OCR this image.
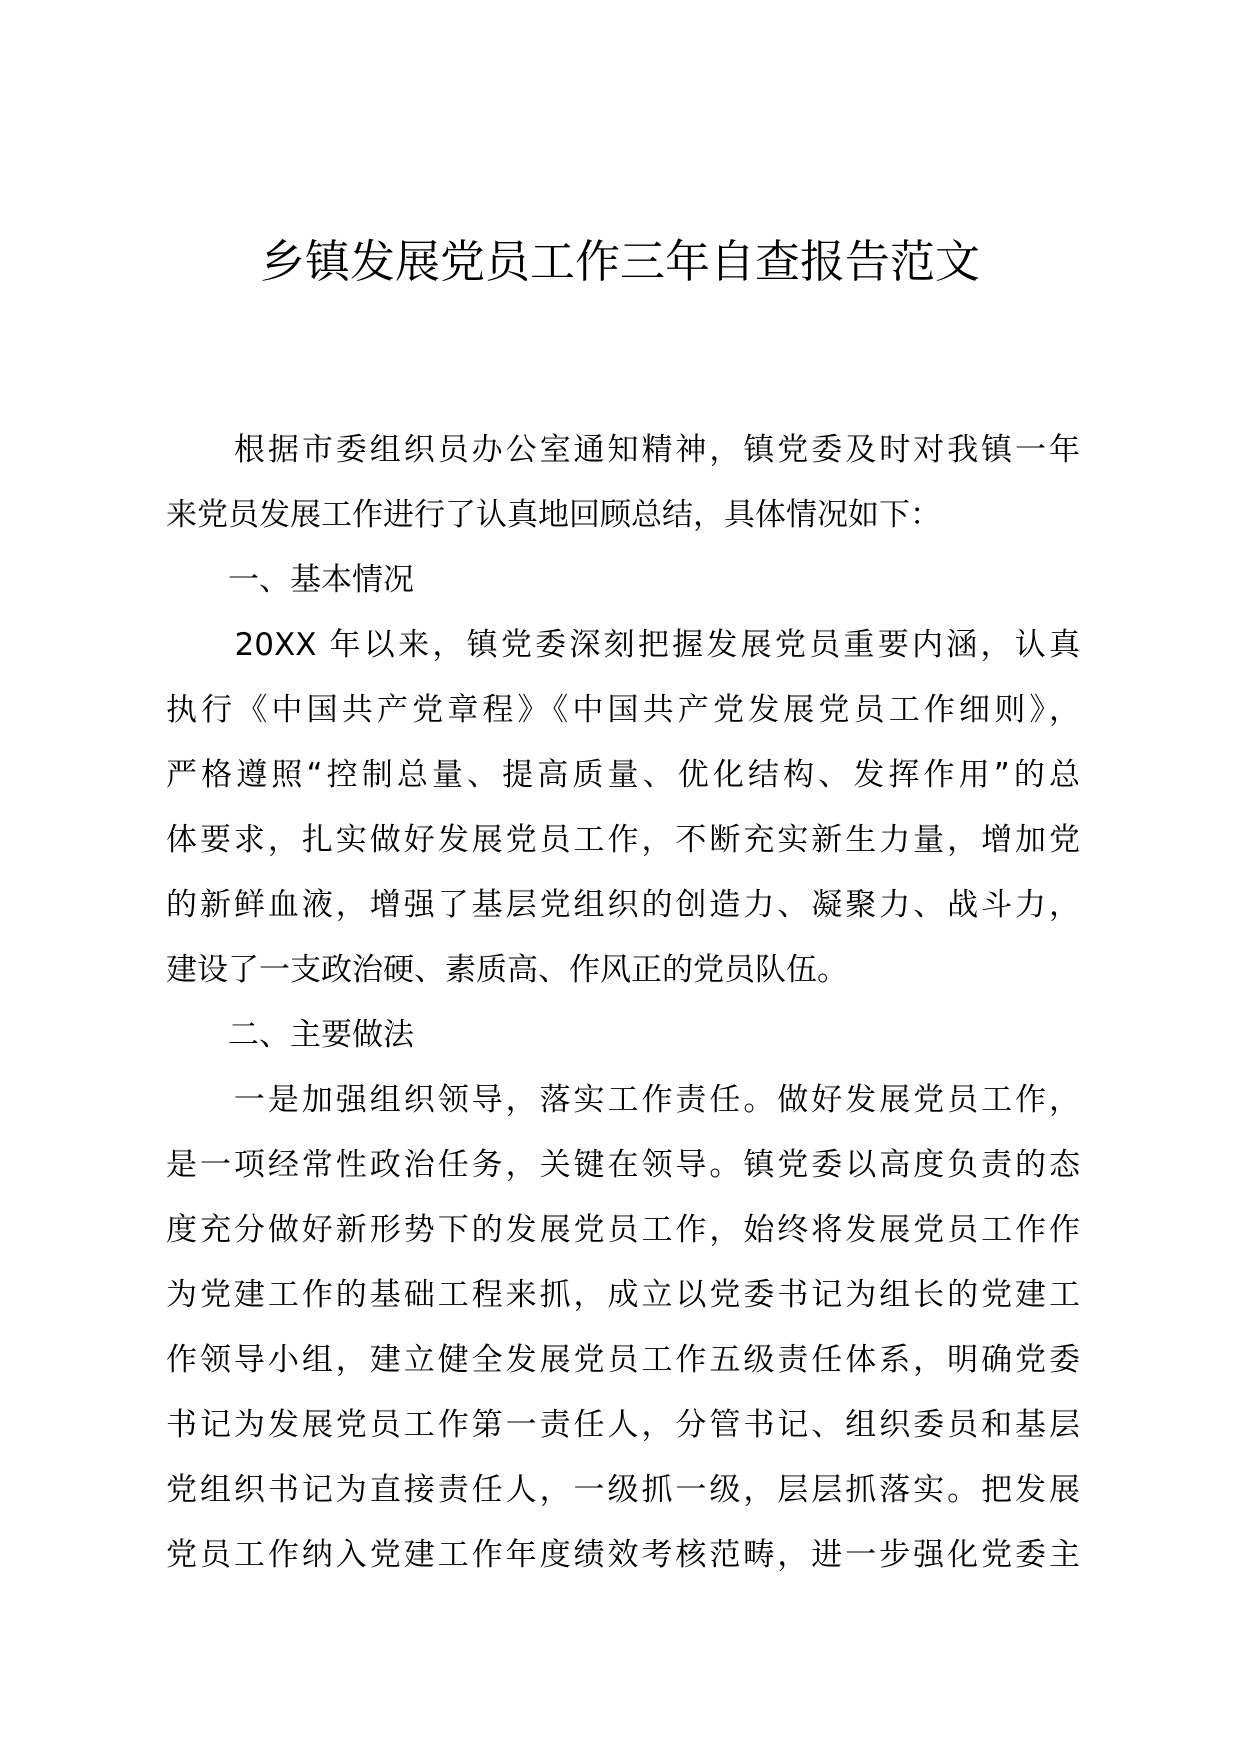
乡镇发展党员工作三年自查报告范文
　　根据市委组织员办公室通知精神，镇党委及时对我镇一年
来党员发展工作进行了认真地回顾总结，具体情况如下：
　　一、基本情况
　　20XX 年以来，镇党委深刻把握发展党员重要内涵，认真
执行《中国共产党章程》《中国共产党发展党员工作细则》，
严格遵照“控制总量、提高质量、优化结构、发挥作用”的总
体要求，扎实做好发展党员工作，不断充实新生力量，增加党
的新鲜血液，增强了基层党组织的创造力、凝聚力、战斗力，
建设了一支政治硬、素质高、作风正的党员队伍。
　　二、主要做法
　　一是加强组织领导，落实工作责任。做好发展党员工作，
是一项经常性政治任务，关键在领导。镇党委以高度负责的态
度充分做好新形势下的发展党员工作，始终将发展党员工作作
为党建工作的基础工程来抓，成立以党委书记为组长的党建工
作领导小组，建立健全发展党员工作五级责任体系，明确党委
书记为发展党员工作第一责任人，分管书记、组织委员和基层
党组织书记为直接责任人，一级抓一级，层层抓落实。把发展
党员工作纳入党建工作年度绩效考核范畴，进一步强化党委主
